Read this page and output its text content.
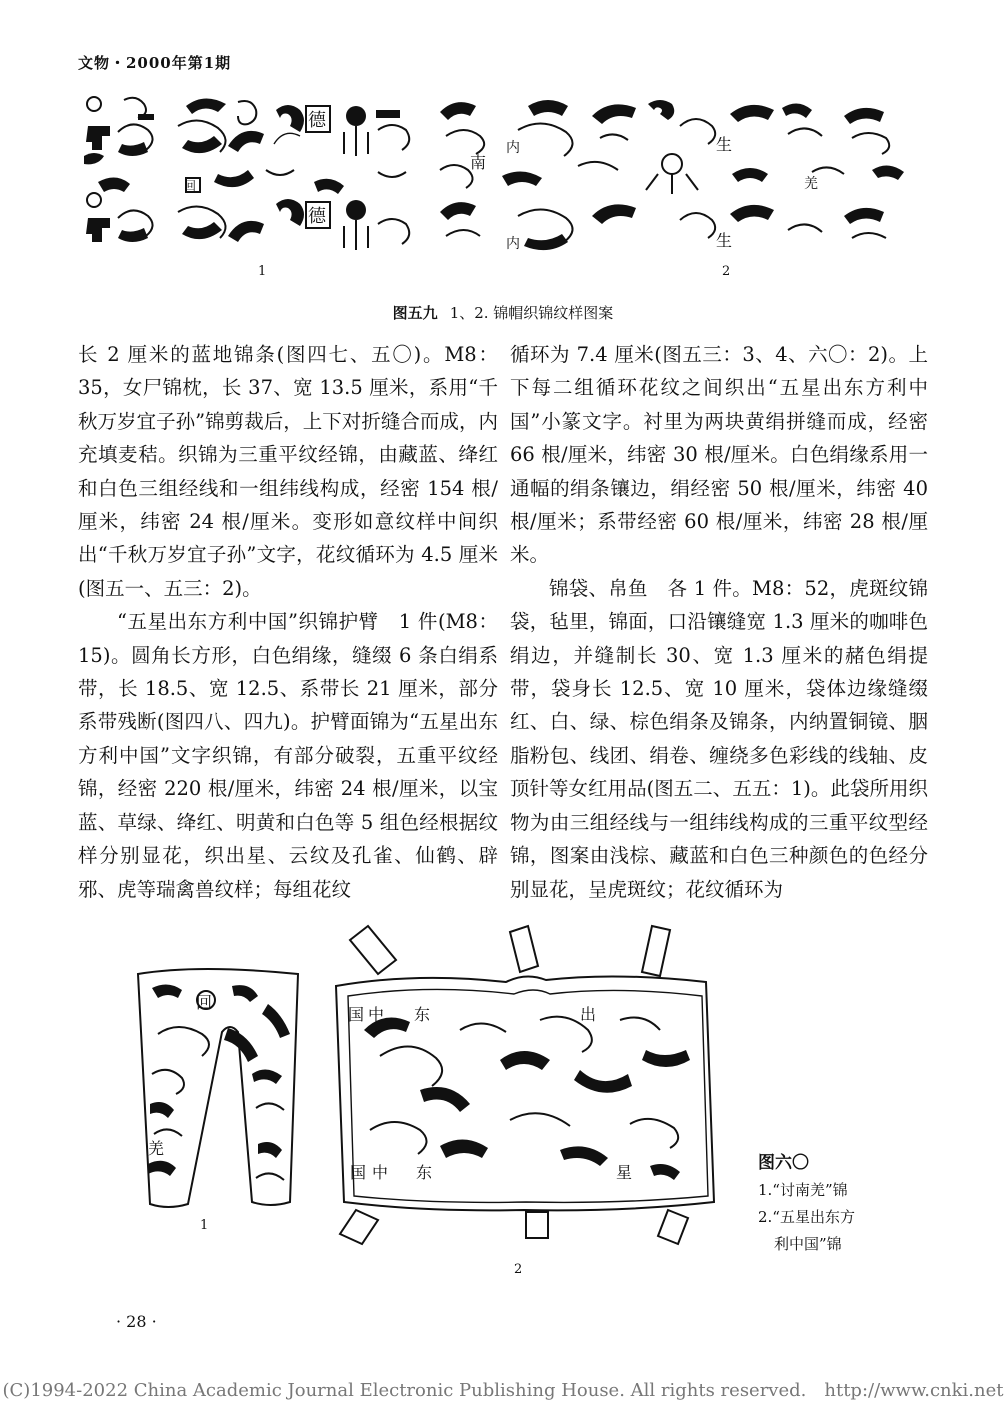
文物・2000年第1期
德
德
回
1
南
内
内
生
生
羌
2
图五九 1、2. 锦帽织锦纹样图案

长 2 厘米的蓝地锦条(图四七、五〇)。M8：35，女尸锦枕，长 37、宽 13.5 厘米，系用“千秋万岁宜子孙”锦剪裁后，上下对折缝合而成，内充填麦秸。织锦为三重平纹经锦，由藏蓝、绛红和白色三组经线和一组纬线构成，经密 154 根/厘米，纬密 24 根/厘米。变形如意纹样中间织出“千秋万岁宜子孙”文字，花纹循环为 4.5 厘米(图五一、五三：2)。

“五星出东方利中国”织锦护臂　1 件(M8：15)。圆角长方形，白色绢缘，缝缀 6 条白绢系带，长 18.5、宽 12.5、系带长 21 厘米，部分系带残断(图四八、四九)。护臂面锦为“五星出东方利中国”文字织锦，有部分破裂，五重平纹经锦，经密 220 根/厘米，纬密 24 根/厘米，以宝蓝、草绿、绛红、明黄和白色等 5 组色经根据纹样分别显花，织出星、云纹及孔雀、仙鹤、辟邪、虎等瑞禽兽纹样；每组花纹

循环为 7.4 厘米(图五三：3、4、六〇：2)。上下每二组循环花纹之间织出“五星出东方利中国”小篆文字。衬里为两块黄绢拼缝而成，经密 66 根/厘米，纬密 30 根/厘米。白色绢缘系用一通幅的绢条镶边，绢经密 50 根/厘米，纬密 40 根/厘米；系带经密 60 根/厘米，纬密 28 根/厘米。

锦袋、帛鱼　各 1 件。M8：52，虎斑纹锦袋，毡里，锦面，口沿镶缝宽 1.3 厘米的咖啡色绢边，并缝制长 30、宽 1.3 厘米的赭色绢提带，袋身长 12.5、宽 10 厘米，袋体边缘缝缀红、白、绿、棕色绢条及锦条，内纳置铜镜、胭脂粉包、线团、绢卷、缠绕多色彩线的线轴、皮顶针等女红用品(图五二、五五：1)。此袋所用织物为由三组经线与一组纬线构成的三重平纹型经锦，图案由浅棕、藏蓝和白色三种颜色的色经分别显花，呈虎斑纹；花纹循环为

回
羌
1
国 中 东
国 中 东
出
星
2
图六〇
1.“讨南羌”锦
2.“五星出东方
利中国”锦
· 28 ·
(C)1994-2022 China Academic Journal Electronic Publishing House. All rights reserved.　http://www.cnki.net
